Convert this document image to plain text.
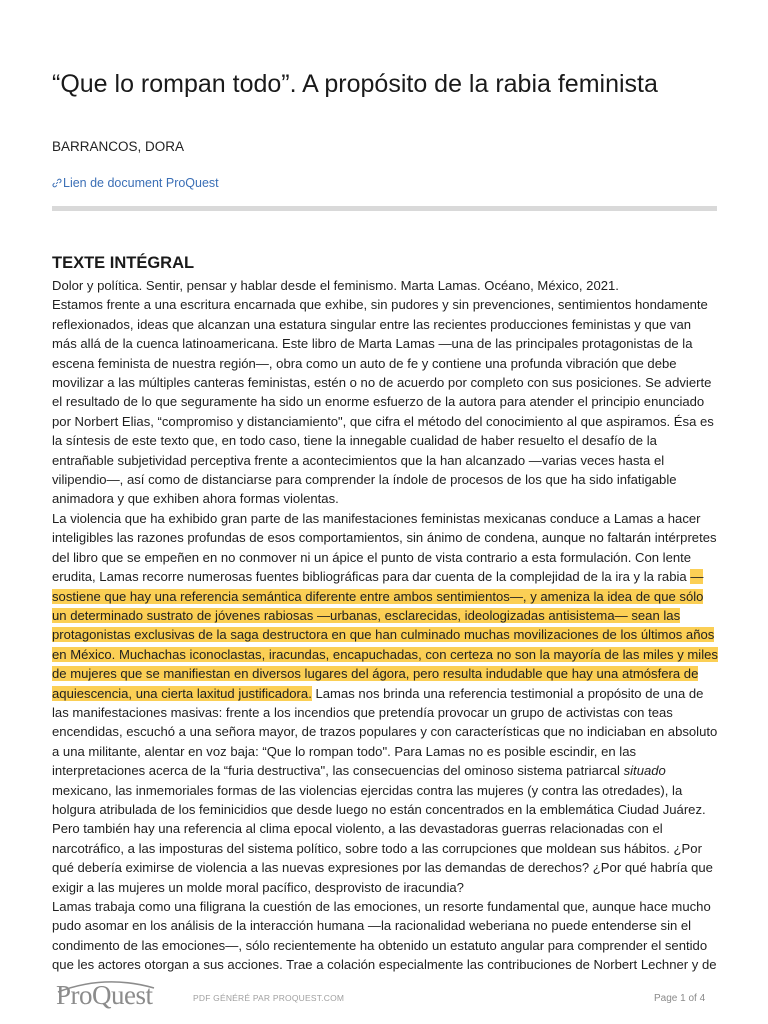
“Que lo rompan todo”. A propósito de la rabia feminista
BARRANCOS, DORA
Lien de document ProQuest
TEXTE INTÉGRAL

Dolor y política. Sentir, pensar y hablar desde el feminismo. Marta Lamas. Océano, México, 2021.

Estamos frente a una escritura encarnada que exhibe, sin pudores y sin prevenciones, sentimientos hondamente reflexionados, ideas que alcanzan una estatura singular entre las recientes producciones feministas y que van más allá de la cuenca latinoamericana. Este libro de Marta Lamas —una de las principales protagonistas de la escena feminista de nuestra región—, obra como un auto de fe y contiene una profunda vibración que debe movilizar a las múltiples canteras feministas, estén o no de acuerdo por completo con sus posiciones. Se advierte el resultado de lo que seguramente ha sido un enorme esfuerzo de la autora para atender el principio enunciado por Norbert Elias, “compromiso y distanciamiento", que cifra el método del conocimiento al que aspiramos. Ésa es la síntesis de este texto que, en todo caso, tiene la innegable cualidad de haber resuelto el desafío de la entrañable subjetividad perceptiva frente a acontecimientos que la han alcanzado —varias veces hasta el vilipendio—, así como de distanciarse para comprender la índole de procesos de los que ha sido infatigable animadora y que exhiben ahora formas violentas.

La violencia que ha exhibido gran parte de las manifestaciones feministas mexicanas conduce a Lamas a hacer inteligibles las razones profundas de esos comportamientos, sin ánimo de condena, aunque no faltarán intérpretes del libro que se empeñen en no conmover ni un ápice el punto de vista contrario a esta formulación. Con lente erudita, Lamas recorre numerosas fuentes bibliográficas para dar cuenta de la complejidad de la ira y la rabia —sostiene que hay una referencia semántica diferente entre ambos sentimientos—, y ameniza la idea de que sólo un determinado sustrato de jóvenes rabiosas —urbanas, esclarecidas, ideologizadas antisistema— sean las protagonistas exclusivas de la saga destructora en que han culminado muchas movilizaciones de los últimos años en México. Muchachas iconoclastas, iracundas, encapuchadas, con certeza no son la mayoría de las miles y miles de mujeres que se manifiestan en diversos lugares del ágora, pero resulta indudable que hay una atmósfera de aquiescencia, una cierta laxitud justificadora. Lamas nos brinda una referencia testimonial a propósito de una de las manifestaciones masivas: frente a los incendios que pretendía provocar un grupo de activistas con teas encendidas, escuchó a una señora mayor, de trazos populares y con características que no indiciaban en absoluto a una militante, alentar en voz baja: “Que lo rompan todo". Para Lamas no es posible escindir, en las interpretaciones acerca de la “furia destructiva", las consecuencias del ominoso sistema patriarcal situado mexicano, las inmemoriales formas de las violencias ejercidas contra las mujeres (y contra las otredades), la holgura atribulada de los feminicidios que desde luego no están concentrados en la emblemática Ciudad Juárez. Pero también hay una referencia al clima epocal violento, a las devastadoras guerras relacionadas con el narcotráfico, a las imposturas del sistema político, sobre todo a las corrupciones que moldean sus hábitos. ¿Por qué debería eximirse de violencia a las nuevas expresiones por las demandas de derechos? ¿Por qué habría que exigir a las mujeres un molde moral pacífico, desprovisto de iracundia?

Lamas trabaja como una filigrana la cuestión de las emociones, un resorte fundamental que, aunque hace mucho pudo asomar en los análisis de la interacción humana —la racionalidad weberiana no puede entenderse sin el condimento de las emociones—, sólo recientemente ha obtenido un estatuto angular para comprender el sentido que les actores otorgan a sus acciones. Trae a colación especialmente las contribuciones de Norbert Lechner y de

ProQuest	PDF GÉNÉRÉ PAR PROQUEST.COM	Page 1 of 4
